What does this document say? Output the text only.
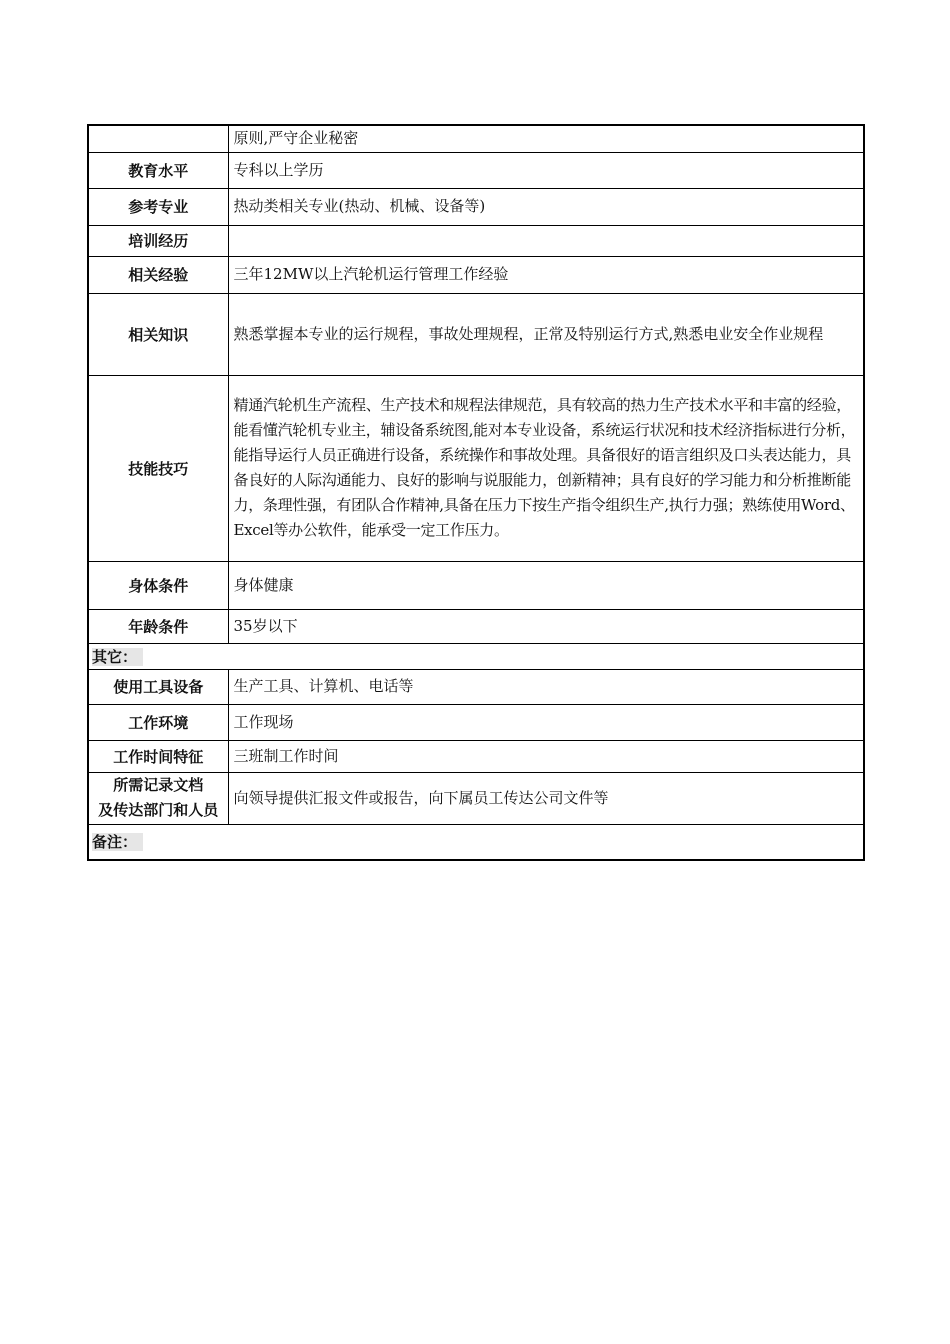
	原则,严守企业秘密
教育水平	专科以上学历
参考专业	热动类相关专业(热动、机械、设备等)
培训经历	
相关经验	三年12MW以上汽轮机运行管理工作经验
相关知识	熟悉掌握本专业的运行规程，事故处理规程，正常及特别运行方式,熟悉电业安全作业规程
技能技巧	精通汽轮机生产流程、生产技术和规程法律规范，具有较高的热力生产技术水平和丰富的经验，能看懂汽轮机专业主，辅设备系统图,能对本专业设备，系统运行状况和技术经济指标进行分析，能指导运行人员正确进行设备，系统操作和事故处理。具备很好的语言组织及口头表达能力，具备良好的人际沟通能力、良好的影响与说服能力，创新精神；具有良好的学习能力和分析推断能力，条理性强，有团队合作精神,具备在压力下按生产指令组织生产,执行力强；熟练使用Word、Excel等办公软件，能承受一定工作压力。
身体条件	身体健康
年龄条件	35岁以下
其它：	
使用工具设备	生产工具、计算机、电话等
工作环境	工作现场
工作时间特征	三班制工作时间

所需记录文档
及传达部门和人员	向领导提供汇报文件或报告，向下属员工传达公司文件等
备注：	
